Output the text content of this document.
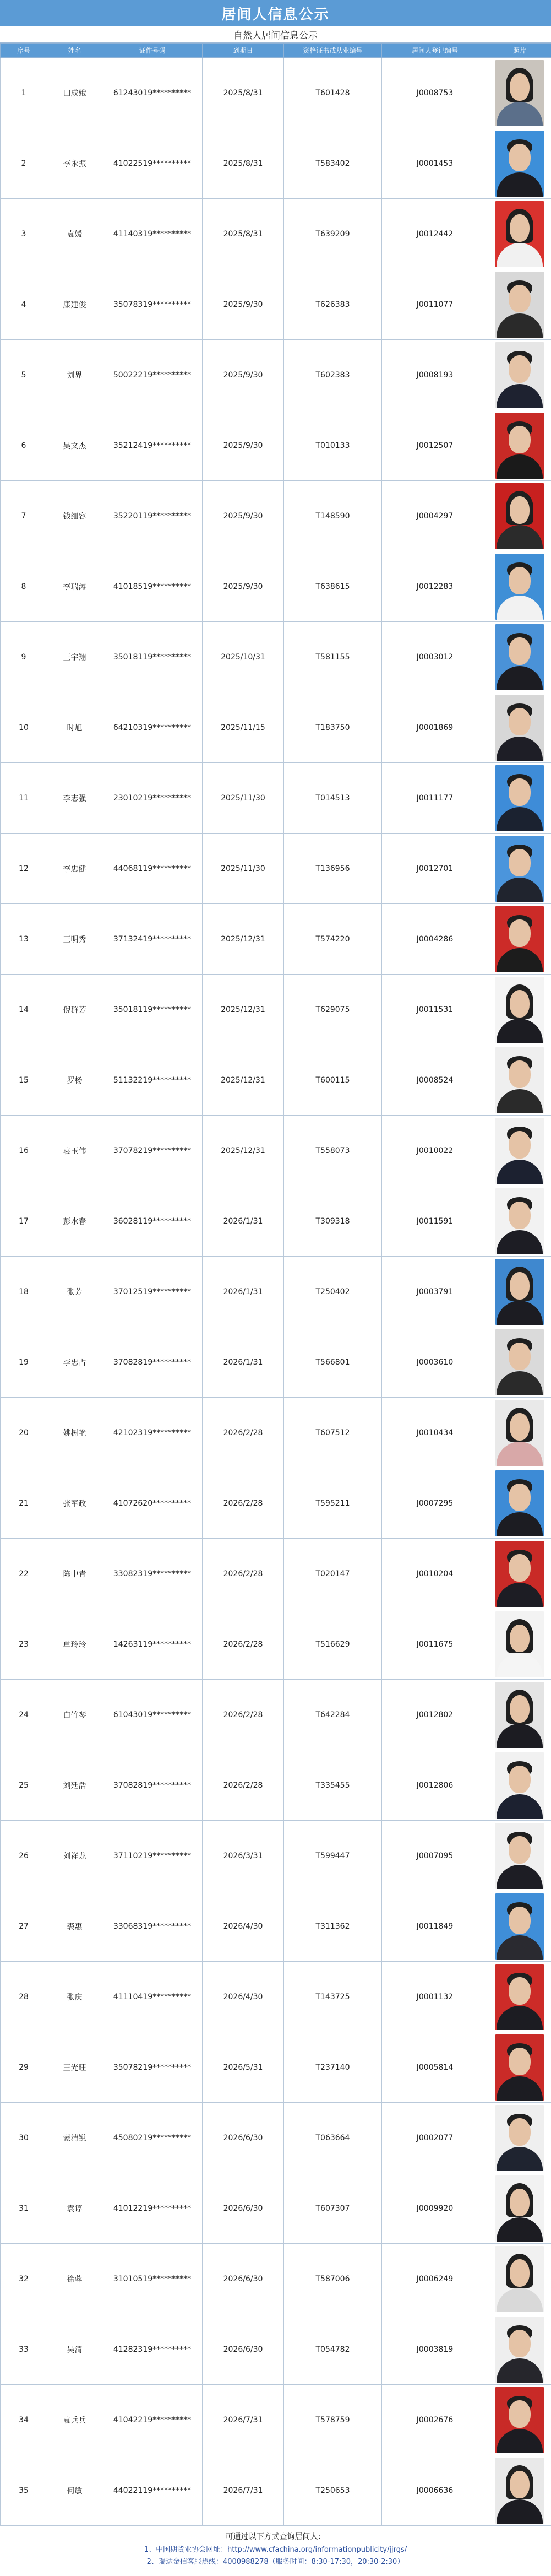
居间人信息公示
自然人居间信息公示
序号	姓名	证件号码	到期日	资格证书或从业编号	居间人登记编号	照片
1	田成娥	61243019**********	2025/8/31	T601428	J0008753	

2	李永振	41022519**********	2025/8/31	T583402	J0001453	

3	袁媛	41140319**********	2025/8/31	T639209	J0012442	

4	康建俊	35078319**********	2025/9/30	T626383	J0011077	

5	刘界	50022219**********	2025/9/30	T602383	J0008193	

6	吴文杰	35212419**********	2025/9/30	T010133	J0012507	

7	钱细容	35220119**********	2025/9/30	T148590	J0004297	

8	李瑞涛	41018519**********	2025/9/30	T638615	J0012283	

9	王宇翔	35018119**********	2025/10/31	T581155	J0003012	

10	时旭	64210319**********	2025/11/15	T183750	J0001869	

11	李志强	23010219**********	2025/11/30	T014513	J0011177	

12	李忠健	44068119**********	2025/11/30	T136956	J0012701	

13	王明秀	37132419**********	2025/12/31	T574220	J0004286	

14	倪群芳	35018119**********	2025/12/31	T629075	J0011531	

15	罗杨	51132219**********	2025/12/31	T600115	J0008524	

16	袁玉伟	37078219**********	2025/12/31	T558073	J0010022	

17	彭水春	36028119**********	2026/1/31	T309318	J0011591	

18	张芳	37012519**********	2026/1/31	T250402	J0003791	

19	李忠占	37082819**********	2026/1/31	T566801	J0003610	

20	姚树艳	42102319**********	2026/2/28	T607512	J0010434	

21	张军政	41072620**********	2026/2/28	T595211	J0007295	

22	陈中青	33082319**********	2026/2/28	T020147	J0010204	

23	单玲玲	14263119**********	2026/2/28	T516629	J0011675	

24	白竹琴	61043019**********	2026/2/28	T642284	J0012802	

25	刘廷浩	37082819**********	2026/2/28	T335455	J0012806	

26	刘祥龙	37110219**********	2026/3/31	T599447	J0007095	

27	裘惠	33068319**********	2026/4/30	T311362	J0011849	

28	张庆	41110419**********	2026/4/30	T143725	J0001132	

29	王光旺	35078219**********	2026/5/31	T237140	J0005814	

30	蒙清锐	45080219**********	2026/6/30	T063664	J0002077	

31	袁谆	41012219**********	2026/6/30	T607307	J0009920	

32	徐蓉	31010519**********	2026/6/30	T587006	J0006249	

33	吴清	41282319**********	2026/6/30	T054782	J0003819	

34	袁兵兵	41042219**********	2026/7/31	T578759	J0002676	

35	何敏	44022119**********	2026/7/31	T250653	J0006636	
可通过以下方式查询居间人：
1、中国期货业协会网址：http://www.cfachina.org/informationpublicity/jjrgs/
2、瑞达金信客服热线：4000988278（服务时间：8:30-17:30，20:30-2:30）
